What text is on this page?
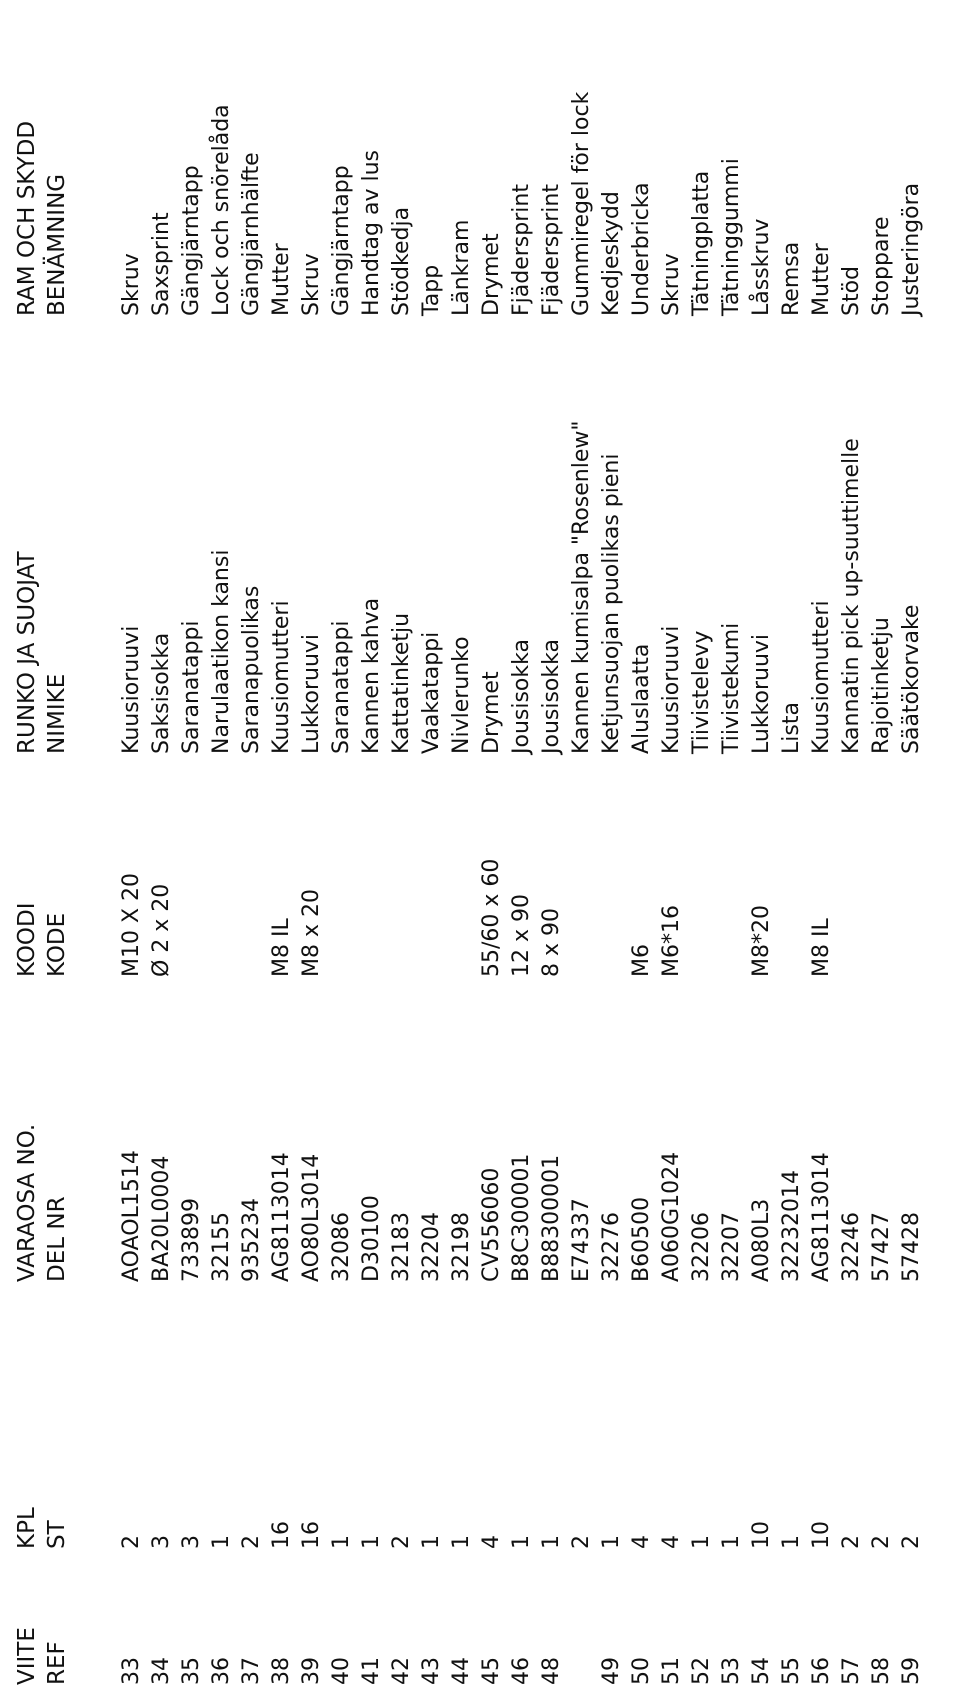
VIITE
KPL
VARAOSA NO.
KOODI
RUNKO JA SUOJAT
RAM OCH SKYDD
REF
ST
DEL NR
KODE
NIMIKE
BENÄMNING
33
2
AOAOL1514
M10 X 20
Kuusioruuvi
Skruv
34
3
BA20L0004
Ø 2 x 20
Saksisokka
Saxsprint
35
3
733899
Saranatappi
Gängjärntapp
36
1
32155
Narulaatikon kansi
Lock och snörelåda
37
2
935234
Saranapuolikas
Gängjärnhälfte
38
16
AG8113014
M8 IL
Kuusiomutteri
Mutter
39
16
AO80L3014
M8 x 20
Lukkoruuvi
Skruv
40
1
32086
Saranatappi
Gängjärntapp
41
1
D30100
Kannen kahva
Handtag av lus
42
2
32183
Kattatinketju
Stödkedja
43
1
32204
Vaakatappi
Tapp
44
1
32198
Nivlerunko
Länkram
45
4
CV556060
55/60 x 60
Drymet
Drymet
46
1
B8C300001
12 x 90
Jousisokka
Fjädersprint
48
1
B88300001
8 x 90
Jousisokka
Fjädersprint
2
E74337
Kannen kumisalpa "Rosenlew"
Gummiregel för lock
49
1
32276
Ketjunsuojan puolikas pieni
Kedjeskydd
50
4
B60500
M6
Aluslaatta
Underbricka
51
4
A060G1024
M6*16
Kuusioruuvi
Skruv
52
1
32206
Tiivistelevy
Tätningplatta
53
1
32207
Tiivistekumi
Tätninggummi
54
10
A080L3
M8*20
Lukkoruuvi
Låsskruv
55
1
32232014
Lista
Remsa
56
10
AG8113014
M8 IL
Kuusiomutteri
Mutter
57
2
32246
Kannatin pick up-suuttimelle
Stöd
58
2
57427
Rajoitinketju
Stoppare
59
2
57428
Säätökorvake
Justeringöra
